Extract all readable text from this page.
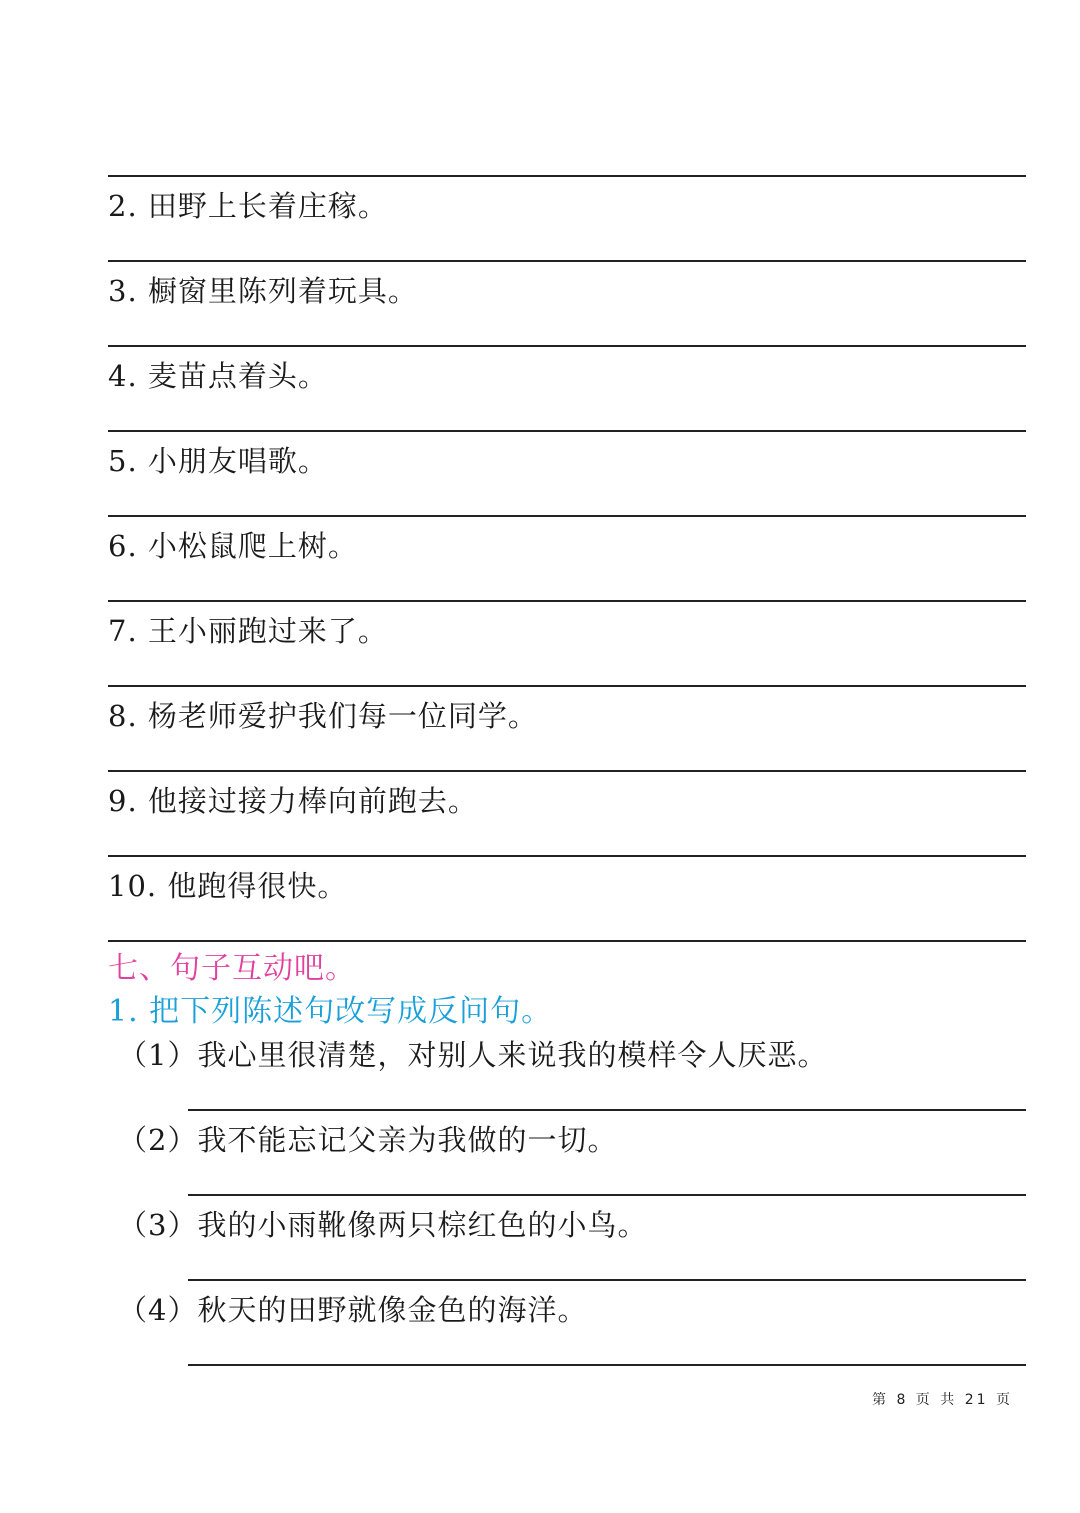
2. 田野上长着庄稼。
3. 橱窗里陈列着玩具。
4. 麦苗点着头。
5. 小朋友唱歌。
6. 小松鼠爬上树。
7. 王小丽跑过来了。
8. 杨老师爱护我们每一位同学。
9. 他接过接力棒向前跑去。
10. 他跑得很快。
七、句子互动吧。
1. 把下列陈述句改写成反问句。
（1）我心里很清楚，对别人来说我的模样令人厌恶。
（2）我不能忘记父亲为我做的一切。
（3）我的小雨靴像两只棕红色的小鸟。
（4）秋天的田野就像金色的海洋。
第 8 页 共 21 页
